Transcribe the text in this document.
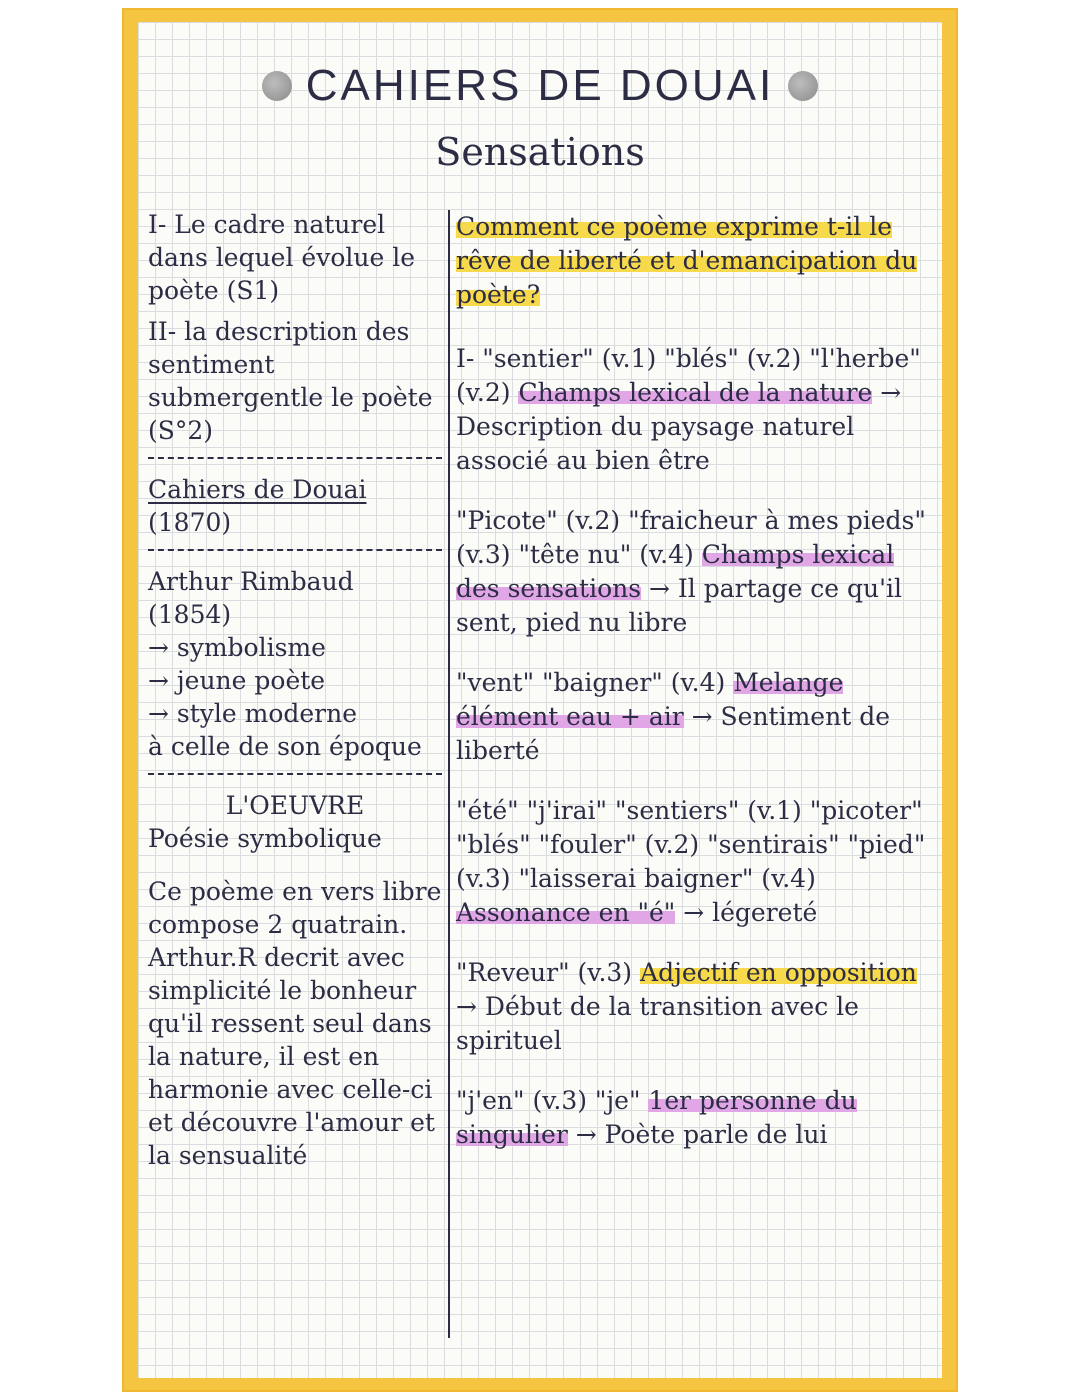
CAHIERS DE DOUAI
Sensations
I- Le cadre naturel dans lequel évolue le poète (S1)
II- la description des sentiment submergentle le poète (S°2)
Cahiers de Douai
(1870)
Arthur Rimbaud
(1854)
→ symbolisme
→ jeune poète
→ style moderne
à celle de son époque
L'OEUVRE
Poésie symbolique
Ce poème en vers libre compose 2 quatrain. Arthur.R decrit avec simplicité le bonheur qu'il ressent seul dans la nature, il est en harmonie avec celle-ci et découvre l'amour et la sensualité
Comment ce poème exprime t-il le rêve de liberté et d'emancipation du poète?
I- "sentier" (v.1) "blés" (v.2) "l'herbe" (v.2) Champs lexical de la nature → Description du paysage naturel associé au bien être
"Picote" (v.2) "fraicheur à mes pieds" (v.3) "tête nu" (v.4) Champs lexical des sensations → Il partage ce qu'il sent, pied nu libre
"vent" "baigner" (v.4) Melange élément eau + air → Sentiment de liberté
"été" "j'irai" "sentiers" (v.1) "picoter" "blés" "fouler" (v.2) "sentirais" "pied" (v.3) "laisserai baigner" (v.4) Assonance en "é" → légereté
"Reveur" (v.3) Adjectif en opposition → Début de la transition avec le spirituel
"j'en" (v.3) "je" 1er personne du singulier → Poète parle de lui
